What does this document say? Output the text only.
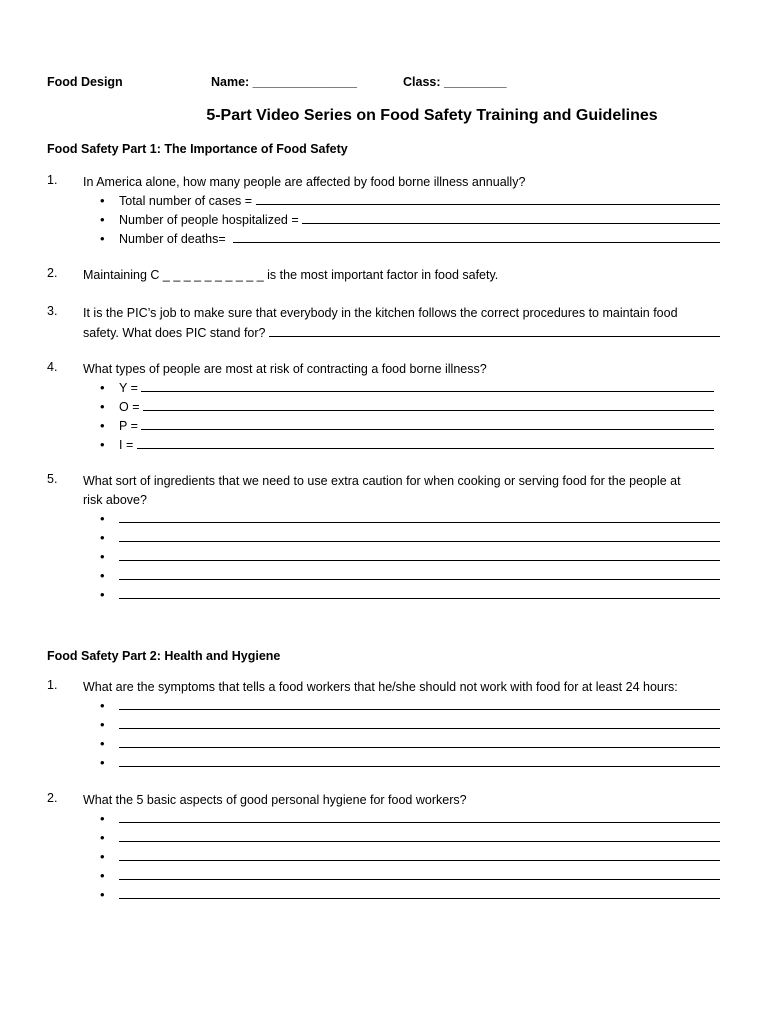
Food Design	Name: _______________	Class: _________
5-Part Video Series on Food Safety Training and Guidelines
Food Safety Part 1: The Importance of Food Safety
1. In America alone, how many people are affected by food borne illness annually?
• Total number of cases =
• Number of people hospitalized =
• Number of deaths=
2. Maintaining C _ _ _ _ _ _ _ _ _ _ is the most important factor in food safety.
3. It is the PIC’s job to make sure that everybody in the kitchen follows the correct procedures to maintain food
safety. What does PIC stand for?
4. What types of people are most at risk of contracting a food borne illness?
• Y =
• O =
• P =
• I =
5. What sort of ingredients that we need to use extra caution for when cooking or serving food for the people at
risk above?
•
•
•
•
•
Food Safety Part 2: Health and Hygiene
1. What are the symptoms that tells a food workers that he/she should not work with food for at least 24 hours:
•
•
•
•
2. What the 5 basic aspects of good personal hygiene for food workers?
•
•
•
•
•
